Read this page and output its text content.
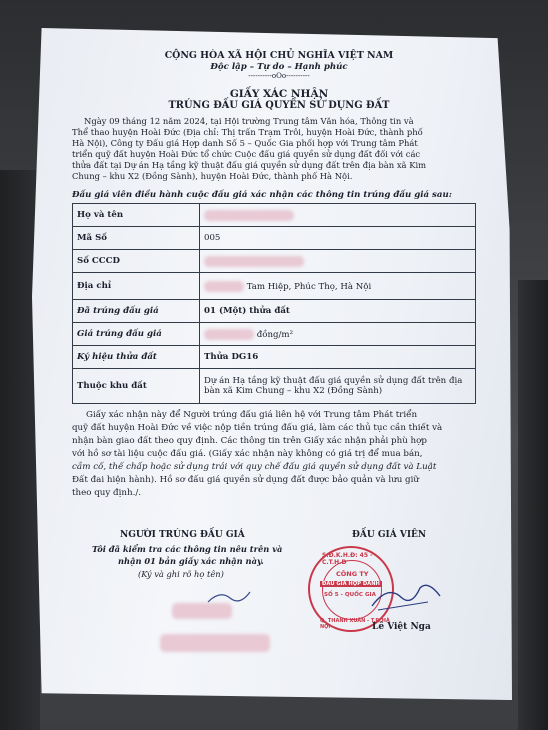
CỘNG HÒA XÃ HỘI CHỦ NGHĨA VIỆT NAM
Độc lập – Tự do – Hạnh phúc
----------oOo----------
GIẤY XÁC NHẬN
TRÚNG ĐẤU GIÁ QUYỀN SỬ DỤNG ĐẤT
Ngày 09 tháng 12 năm 2024, tại Hội trường Trung tâm Văn hóa, Thông tin và
Thể thao huyện Hoài Đức (Địa chỉ: Thị trấn Trạm Trôi, huyện Hoài Đức, thành phố
Hà Nội), Công ty Đấu giá Hợp danh Số 5 – Quốc Gia phối hợp với Trung tâm Phát
triển quỹ đất huyện Hoài Đức tổ chức Cuộc đấu giá quyền sử dụng đất đối với các
thửa đất tại Dự án Hạ tầng kỹ thuật đấu giá quyền sử dụng đất trên địa bàn xã Kim
Chung – khu X2 (Đồng Sành), huyện Hoài Đức, thành phố Hà Nội.
Đấu giá viên điều hành cuộc đấu giá xác nhận các thông tin trúng đấu giá sau:
Họ và tên	
Mã Số	005
Số CCCD	
Địa chỉ	Tam Hiệp, Phúc Thọ, Hà Nội
Đã trúng đấu giá	01 (Một) thửa đất
Giá trúng đấu giá	đồng/m²
Ký hiệu thửa đất	Thửa DG16
Thuộc khu đất	Dự án Hạ tầng kỹ thuật đấu giá quyền sử dụng đất trên địa bàn xã Kim Chung – khu X2 (Đồng Sành)
Giấy xác nhận này để Người trúng đấu giá liên hệ với Trung tâm Phát triển
quỹ đất huyện Hoài Đức về việc nộp tiền trúng đấu giá, làm các thủ tục cần thiết và
nhận bàn giao đất theo quy định. Các thông tin trên Giấy xác nhận phải phù hợp
với hồ sơ tài liệu cuộc đấu giá. (Giấy xác nhận này không có giá trị để mua bán,
cầm cố, thế chấp hoặc sử dụng trái với quy chế đấu giá quyền sử dụng đất và Luật
Đất đai hiện hành). Hồ sơ đấu giá quyền sử dụng đất được bảo quản và lưu giữ
theo quy định./.
NGƯỜI TRÚNG ĐẤU GIÁ
Tôi đã kiểm tra các thông tin nêu trên và
nhận 01 bản giấy xác nhận này.
(Ký và ghi rõ họ tên)
ĐẤU GIÁ VIÊN
S.Đ.K.H.Đ: 45 - C.T.H.D
CÔNG TY
ĐẤU GIÁ HỢP DANH
SỐ 5 - QUỐC GIA
Q. THANH XUÂN - T.P. HÀ NỘI	Lê Việt Nga
